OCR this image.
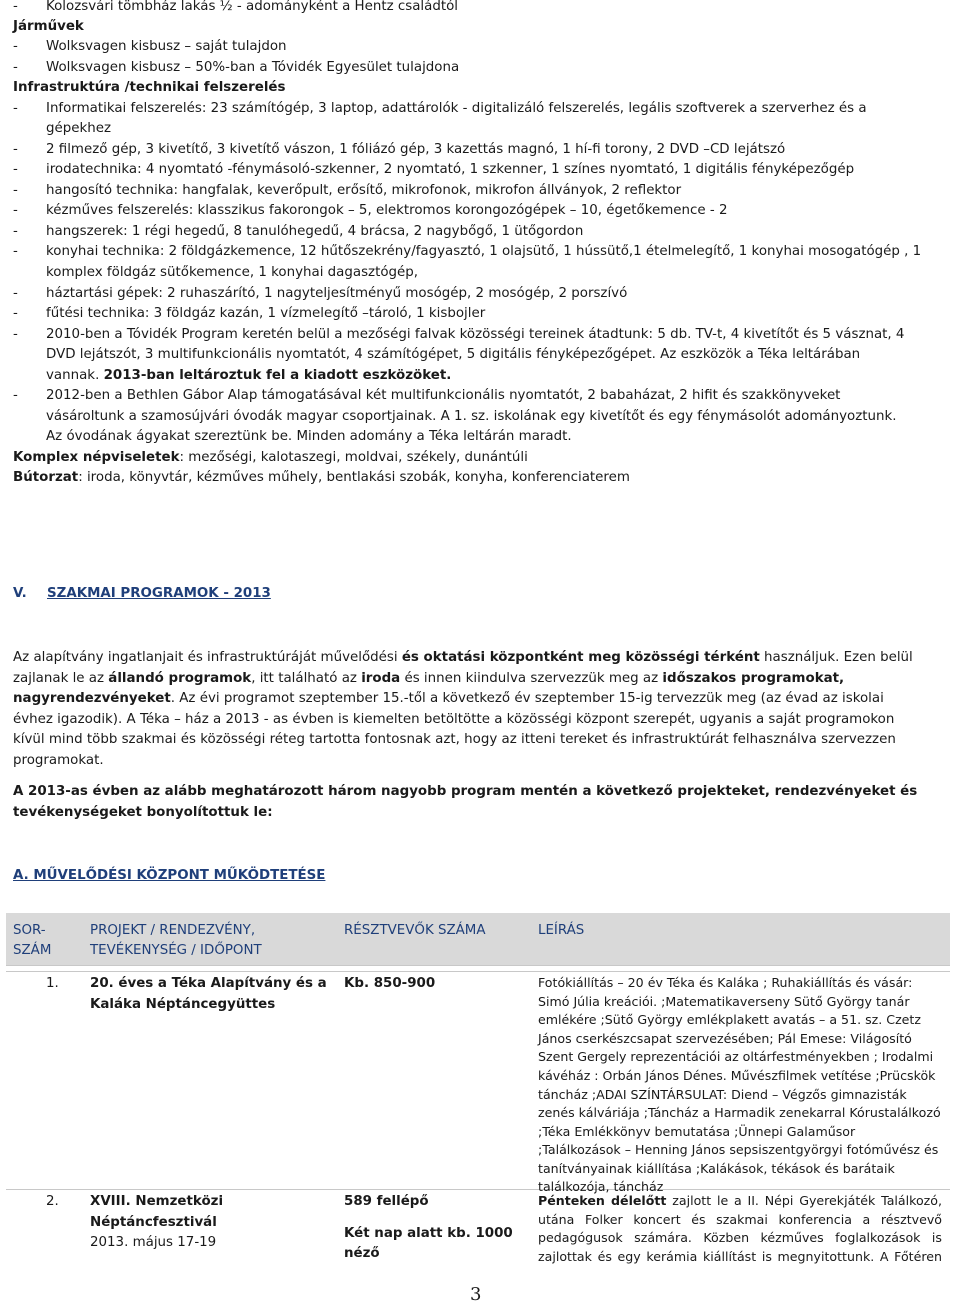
- Kolozsvári tömbház lakás ½ - adományként a Hentz családtól
Járművek
- Wolksvagen kisbusz – saját tulajdon
- Wolksvagen kisbusz – 50%-ban a Tóvidék Egyesület tulajdona
Infrastruktúra /technikai felszerelés
- Informatikai felszerelés: 23 számítógép, 3 laptop, adattárolók - digitalizáló felszerelés, legális szoftverek a szerverhez és a
gépekhez
- 2 filmező gép, 3 kivetítő, 3 kivetítő vászon, 1 fóliázó gép, 3 kazettás magnó, 1 hí-fi torony, 2 DVD –CD lejátszó
- irodatechnika: 4 nyomtató -fénymásoló-szkenner, 2 nyomtató, 1 szkenner, 1 színes nyomtató, 1 digitális fényképezőgép
- hangosító technika: hangfalak, keverőpult, erősítő, mikrofonok, mikrofon állványok, 2 reflektor
- kézműves felszerelés: klasszikus fakorongok – 5, elektromos korongozógépek – 10, égetőkemence - 2
- hangszerek: 1 régi hegedű, 8 tanulóhegedű, 4 brácsa, 2 nagybőgő, 1 ütőgordon
- konyhai technika: 2 földgázkemence, 12 hűtőszekrény/fagyasztó, 1 olajsütő, 1 hússütő,1 ételmelegítő, 1 konyhai mosogatógép , 1
komplex földgáz sütőkemence, 1 konyhai dagasztógép,
- háztartási gépek: 2 ruhaszárító, 1 nagyteljesítményű mosógép, 2 mosógép, 2 porszívó
- fűtési technika: 3 földgáz kazán, 1 vízmelegítő –tároló, 1 kisbojler
- 2010-ben a Tóvidék Program keretén belül a mezőségi falvak közösségi tereinek átadtunk: 5 db. TV-t, 4 kivetítőt és 5 vásznat, 4
DVD lejátszót, 3 multifunkcionális nyomtatót, 4 számítógépet, 5 digitális fényképezőgépet. Az eszközök a Téka leltárában
vannak. 2013-ban leltároztuk fel a kiadott eszközöket.
- 2012-ben a Bethlen Gábor Alap támogatásával két multifunkcionális nyomtatót, 2 babaházat, 2 hifit és szakkönyveket
vásároltunk a szamosújvári óvodák magyar csoportjainak. A 1. sz. iskolának egy kivetítőt és egy fénymásolót adományoztunk.
Az óvodának ágyakat szereztünk be. Minden adomány a Téka leltárán maradt.
Komplex népviseletek: mezőségi, kalotaszegi, moldvai, székely, dunántúli
Bútorzat: iroda, könyvtár, kézműves műhely, bentlakási szobák, konyha, konferenciaterem
V. SZAKMAI PROGRAMOK - 2013
Az alapítvány ingatlanjait és infrastruktúráját művelődési és oktatási központként meg közösségi térként használjuk. Ezen belül
zajlanak le az állandó programok, itt található az iroda és innen kiindulva szervezzük meg az időszakos programokat,
nagyrendezvényeket. Az évi programot szeptember 15.-től a következő év szeptember 15-ig tervezzük meg (az évad az iskolai
évhez igazodik). A Téka – ház a 2013 - as évben is kiemelten betöltötte a közösségi központ szerepét, ugyanis a saját programokon
kívül mind több szakmai és közösségi réteg tartotta fontosnak azt, hogy az itteni tereket és infrastruktúrát felhasználva szervezzen
programokat.
A 2013-as évben az alább meghatározott három nagyobb program mentén a következő projekteket, rendezvényeket és
tevékenységeket bonyolítottuk le:
A. MŰVELŐDÉSI KÖZPONT MŰKÖDTETÉSE
SOR-
SZÁM
PROJEKT / RENDEZVÉNY,
TEVÉKENYSÉG / IDŐPONT
RÉSZTVEVŐK SZÁMA	LEÍRÁS
1. 20. éves a Téka Alapítvány és a
Kaláka Néptáncegyüttes
Kb. 850-900	Fotókiállítás – 20 év Téka és Kaláka ; Ruhakiállítás és vásár:
Simó Júlia kreációi. ;Matematikaverseny Sütő György tanár
emlékére ;Sütő György emlékplakett avatás – a 51. sz. Czetz
János cserkészcsapat szervezésében; Pál Emese: Világosító
Szent Gergely reprezentációi az oltárfestményekben ; Irodalmi
kávéház : Orbán János Dénes. Művészfilmek vetítése ;Prücskök
táncház ;ADAI SZÍNTÁRSULAT: Diend – Végzős gimnazisták
zenés kálváriája ;Táncház a Harmadik zenekarral Kórustalálkozó
;Téka Emlékkönyv bemutatása ;Ünnepi Galaműsor
;Találkozások – Henning János sepsiszentgyörgyi fotóművész és
tanítványainak kiállítása ;Kalákások, tékások és barátaik
találkozója, táncház
2. XVIII. Nemzetközi
Néptáncfesztivál
2013. május 17-19
589 fellépő
Két nap alatt kb. 1000
néző
Pénteken délelőtt zajlott le a II. Népi Gyerekjáték Találkozó,
utána Folker koncert és szakmai konferencia a résztvevő
pedagógusok számára. Közben kézműves foglalkozások is
zajlottak és egy kerámia kiállítást is megnyitottunk. A Főtéren
3
